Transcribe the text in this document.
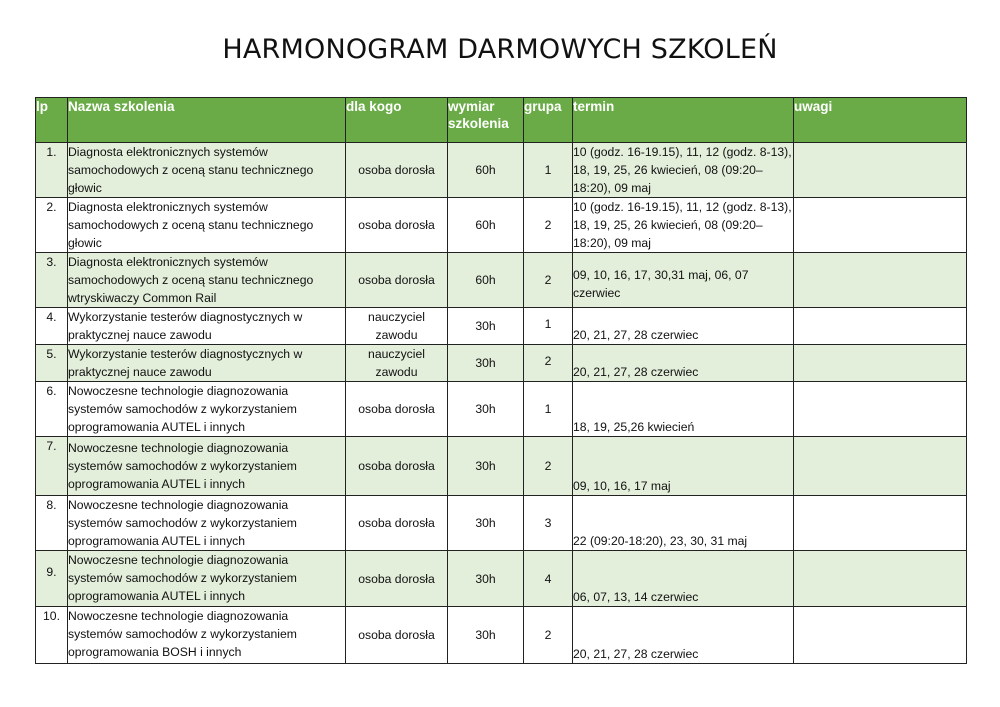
HARMONOGRAM DARMOWYCH SZKOLEŃ
lp	Nazwa szkolenia	dla kogo	wymiar szkolenia	grupa	termin	uwagi
1.	Diagnosta elektronicznych systemów samochodowych z oceną stanu technicznego głowic	osoba dorosła	60h	1	10 (godz. 16-19.15), 11, 12 (godz. 8-13), 18, 19, 25, 26 kwiecień, 08 (09:20–18:20), 09 maj	
2.	Diagnosta elektronicznych systemów samochodowych z oceną stanu technicznego głowic	osoba dorosła	60h	2	10 (godz. 16-19.15), 11, 12 (godz. 8-13), 18, 19, 25, 26 kwiecień, 08 (09:20–18:20), 09 maj	
3.	Diagnosta elektronicznych systemów samochodowych z oceną stanu technicznego wtryskiwaczy Common Rail	osoba dorosła	60h	2	09, 10, 16, 17, 30,31 maj, 06, 07 czerwiec	
4.	Wykorzystanie testerów diagnostycznych w praktycznej nauce zawodu	nauczyciel zawodu	30h	1	20, 21, 27, 28 czerwiec	
5.	Wykorzystanie testerów diagnostycznych w praktycznej nauce zawodu	nauczyciel zawodu	30h	2	20, 21, 27, 28 czerwiec	
6.	Nowoczesne technologie diagnozowania systemów samochodów z wykorzystaniem oprogramowania AUTEL i innych	osoba dorosła	30h	1	18, 19, 25,26 kwiecień	
7.	Nowoczesne technologie diagnozowania systemów samochodów z wykorzystaniem oprogramowania AUTEL i innych	osoba dorosła	30h	2	09, 10, 16, 17 maj	
8.	Nowoczesne technologie diagnozowania systemów samochodów z wykorzystaniem oprogramowania AUTEL i innych	osoba dorosła	30h	3	22 (09:20-18:20), 23, 30, 31 maj	
9.	Nowoczesne technologie diagnozowania systemów samochodów z wykorzystaniem oprogramowania AUTEL i innych	osoba dorosła	30h	4	06, 07, 13, 14 czerwiec	
10.	Nowoczesne technologie diagnozowania systemów samochodów z wykorzystaniem oprogramowania BOSH i innych	osoba dorosła	30h	2	20, 21, 27, 28 czerwiec	
